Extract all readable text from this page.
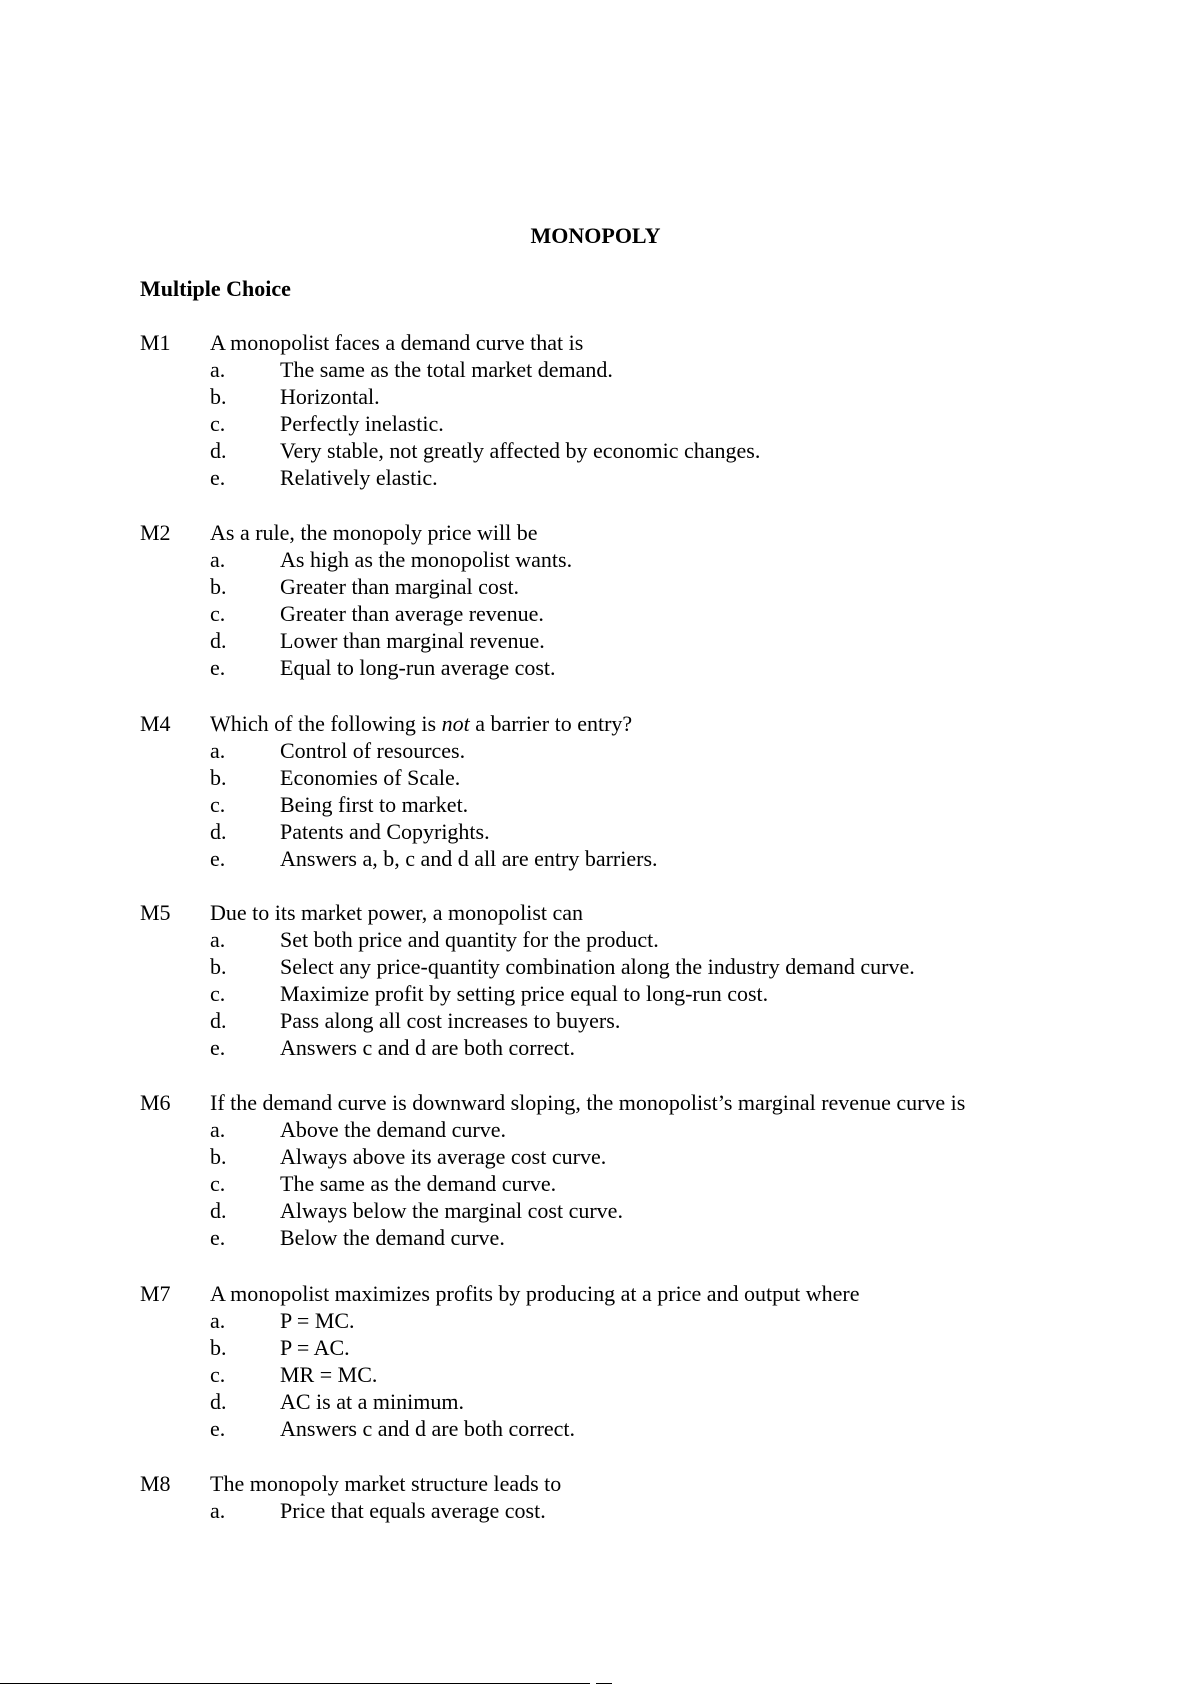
MONOPOLY
Multiple Choice
M1	A monopolist faces a demand curve that is
a.	The same as the total market demand.
b.	Horizontal.
c.	Perfectly inelastic.
d.	Very stable, not greatly affected by economic changes.
e.	Relatively elastic.
M2	As a rule, the monopoly price will be
a.	As high as the monopolist wants.
b.	Greater than marginal cost.
c.	Greater than average revenue.
d.	Lower than marginal revenue.
e.	Equal to long-run average cost.
M4	Which of the following is not a barrier to entry?
a.	Control of resources.
b.	Economies of Scale.
c.	Being first to market.
d.	Patents and Copyrights.
e.	Answers a, b, c and d all are entry barriers.
M5	Due to its market power, a monopolist can
a.	Set both price and quantity for the product.
b.	Select any price-quantity combination along the industry demand curve.
c.	Maximize profit by setting price equal to long-run cost.
d.	Pass along all cost increases to buyers.
e.	Answers c and d are both correct.
M6	If the demand curve is downward sloping, the monopolist’s marginal revenue curve is
a.	Above the demand curve.
b.	Always above its average cost curve.
c.	The same as the demand curve.
d.	Always below the marginal cost curve.
e.	Below the demand curve.
M7	A monopolist maximizes profits by producing at a price and output where
a.	P = MC.
b.	P = AC.
c.	MR = MC.
d.	AC is at a minimum.
e.	Answers c and d are both correct.
M8	The monopoly market structure leads to
a.	Price that equals average cost.
